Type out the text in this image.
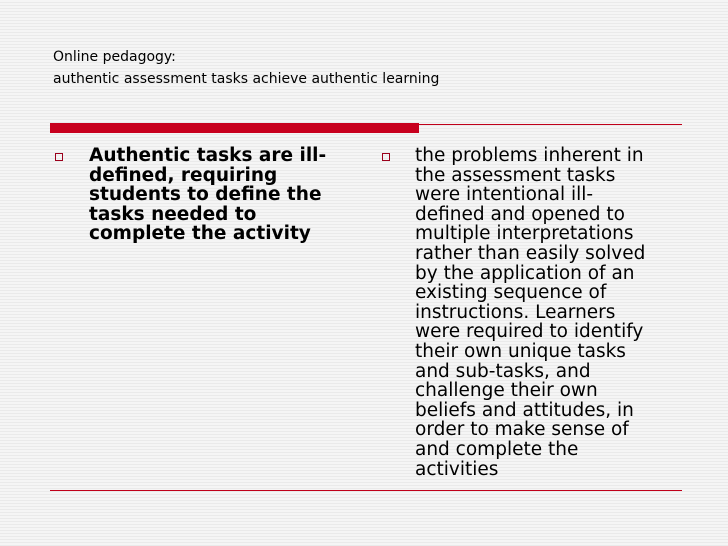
Online pedagogy:
authentic assessment tasks achieve authentic learning
Authentic tasks are ill-
defined, requiring
students to define the
tasks needed to
complete the activity
the problems inherent in
the assessment tasks
were intentional ill-
defined and opened to
multiple interpretations
rather than easily solved
by the application of an
existing sequence of
instructions. Learners
were required to identify
their own unique tasks
and sub-tasks, and
challenge their own
beliefs and attitudes, in
order to make sense of
and complete the
activities
